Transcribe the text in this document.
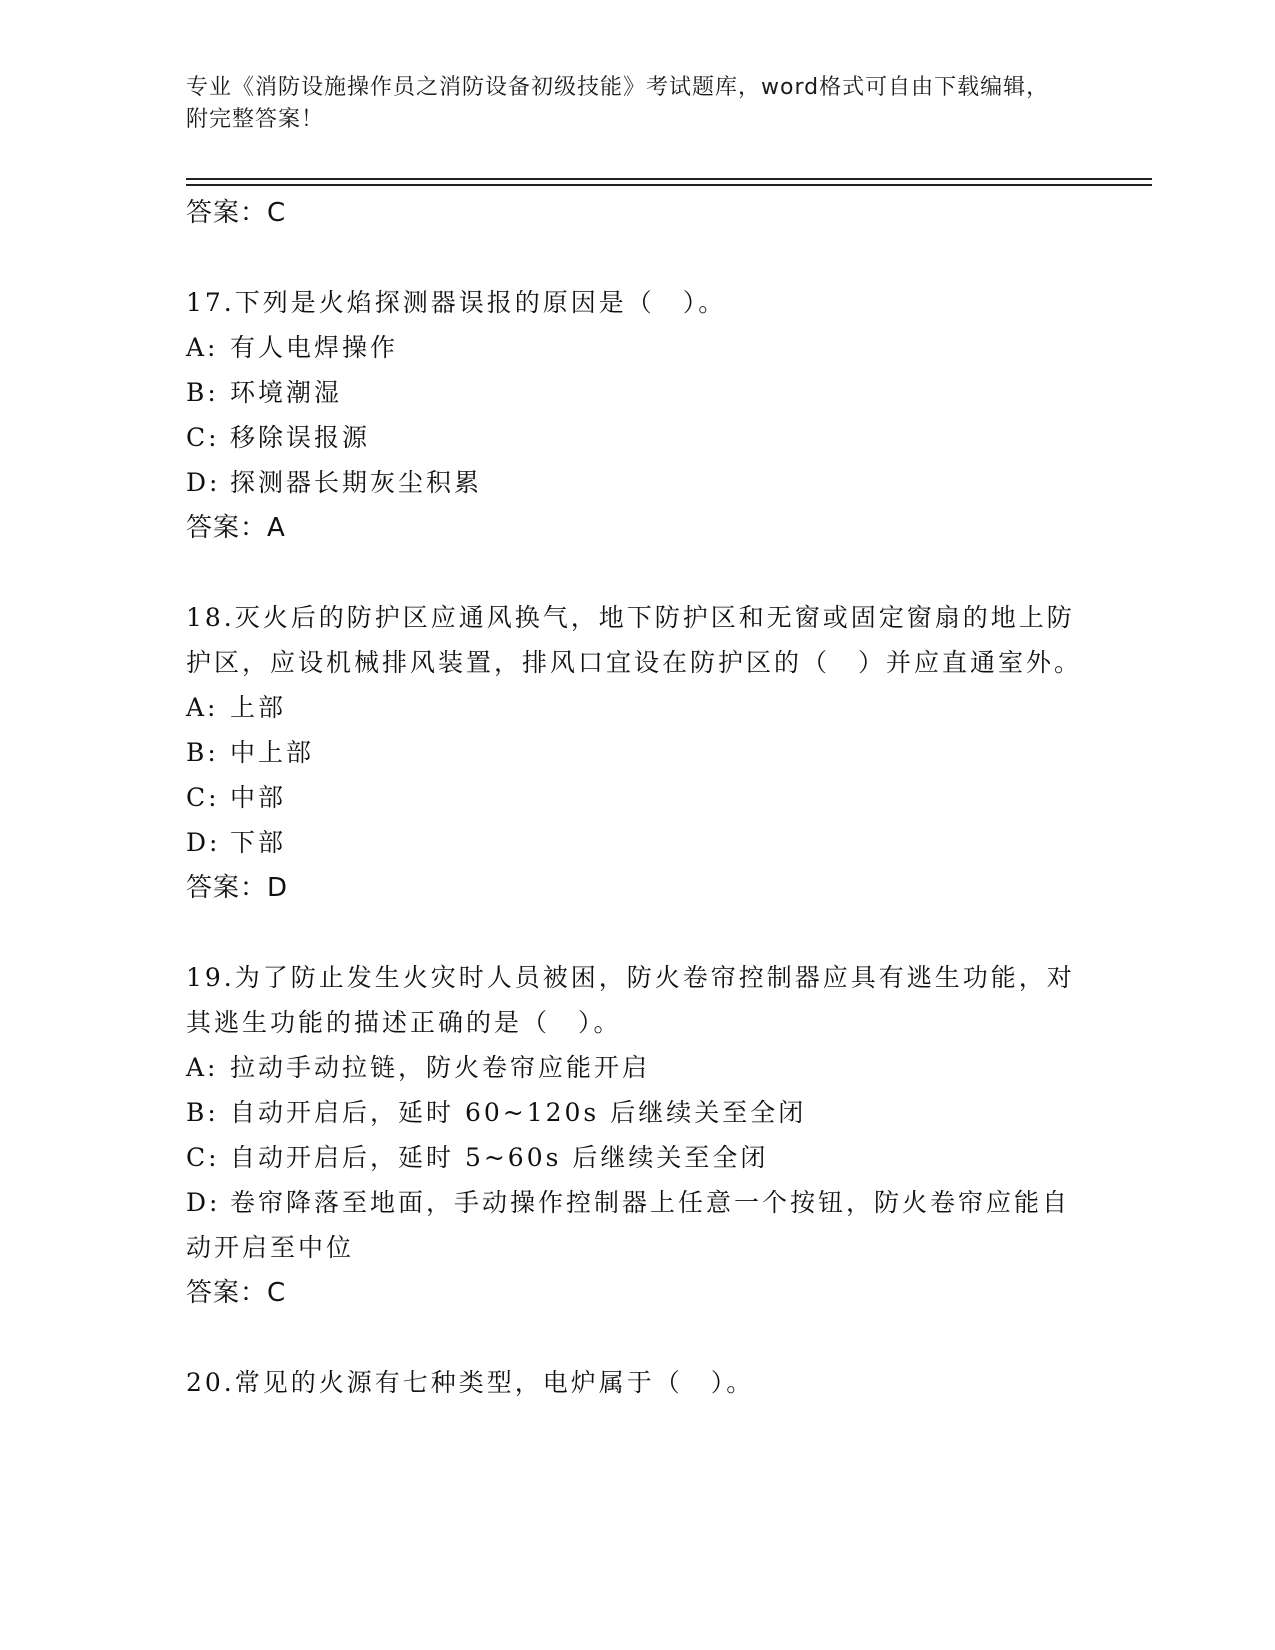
专业《消防设施操作员之消防设备初级技能》考试题库，word格式可自由下载编辑，附完整答案！

答案：C

17.下列是火焰探测器误报的原因是（　）。

A: 有人电焊操作

B: 环境潮湿

C: 移除误报源

D: 探测器长期灰尘积累

答案：A

18.灭火后的防护区应通风换气，地下防护区和无窗或固定窗扇的地上防护区，应设机械排风装置，排风口宜设在防护区的（　）并应直通室外。

A: 上部

B: 中上部

C: 中部

D: 下部

答案：D

19.为了防止发生火灾时人员被困，防火卷帘控制器应具有逃生功能，对其逃生功能的描述正确的是（　）。

A: 拉动手动拉链，防火卷帘应能开启

B: 自动开启后，延时 60~120s 后继续关至全闭

C: 自动开启后，延时 5~60s 后继续关至全闭

D: 卷帘降落至地面，手动操作控制器上任意一个按钮，防火卷帘应能自动开启至中位

答案：C

20.常见的火源有七种类型，电炉属于（　）。
